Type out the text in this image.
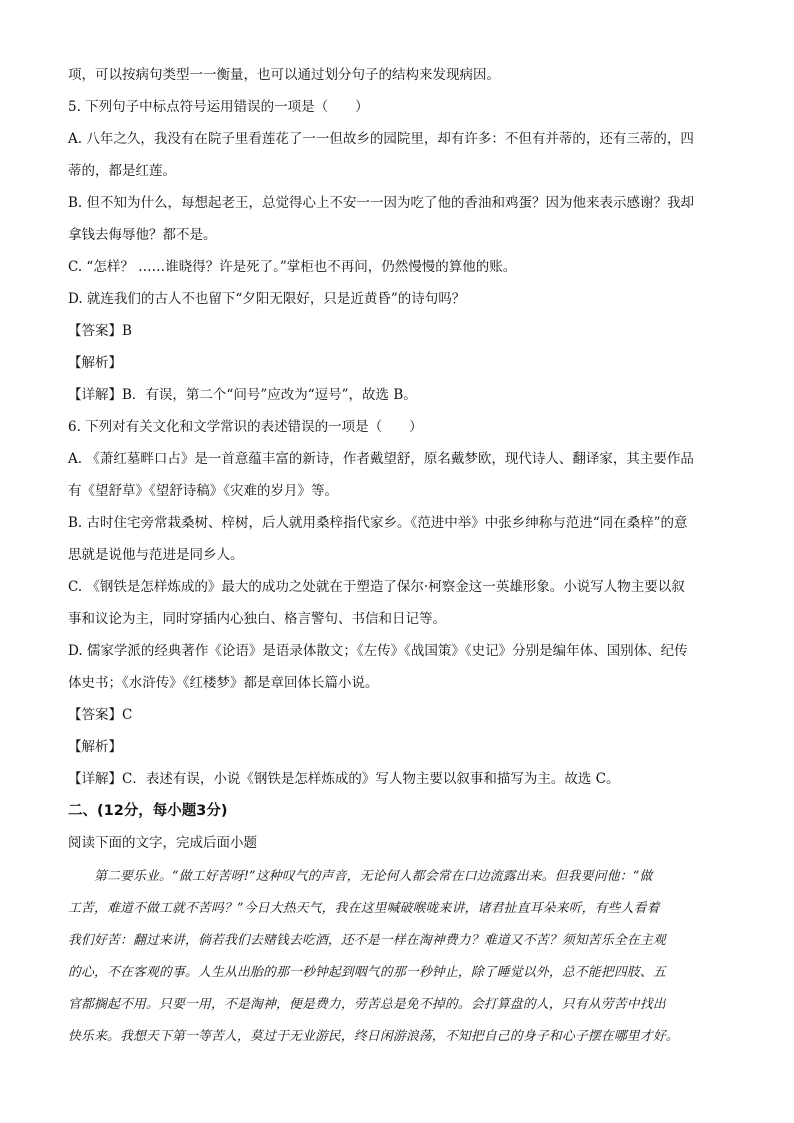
项，可以按病句类型一一衡量，也可以通过划分句子的结构来发现病因。

5. 下列句子中标点符号运用错误的一项是（　　）

A. 八年之久，我没有在院子里看莲花了一一但故乡的园院里，却有许多：不但有并蒂的，还有三蒂的，四

蒂的，都是红莲。

B. 但不知为什么，每想起老王，总觉得心上不安一一因为吃了他的香油和鸡蛋？因为他来表示感谢？我却

拿钱去侮辱他？都不是。

C. “怎样？ ……谁晓得？许是死了。”掌柜也不再问，仍然慢慢的算他的账。

D. 就连我们的古人不也留下“夕阳无限好，只是近黄昏”的诗句吗？

【答案】B

【解析】

【详解】B．有误，第二个“问号”应改为“逗号”，故选 B。

6. 下列对有关文化和文学常识的表述错误的一项是（　　）

A. 《萧红墓畔口占》是一首意蕴丰富的新诗，作者戴望舒，原名戴梦欧，现代诗人、翻译家，其主要作品

有《望舒草》《望舒诗稿》《灾难的岁月》等。

B. 古时住宅旁常栽桑树、梓树，后人就用桑梓指代家乡。《范进中举》中张乡绅称与范进“同在桑梓”的意

思就是说他与范进是同乡人。

C. 《钢铁是怎样炼成的》最大的成功之处就在于塑造了保尔·柯察金这一英雄形象。小说写人物主要以叙

事和议论为主，同时穿插内心独白、格言警句、书信和日记等。

D. 儒家学派的经典著作《论语》是语录体散文；《左传》《战国策》《史记》分别是编年体、国别体、纪传

体史书；《水浒传》《红楼梦》都是章回体长篇小说。

【答案】C

【解析】

【详解】C．表述有误，小说《钢铁是怎样炼成的》写人物主要以叙事和描写为主。故选 C。

二、(12分，每小题3分)

阅读下面的文字，完成后面小题

　　第二要乐业。“做工好苦呀!”这种叹气的声音，无论何人都会常在口边流露出来。但我要问他：“做

工苦，难道不做工就不苦吗？”今日大热天气，我在这里喊破喉咙来讲，诸君扯直耳朵来听，有些人看着

我们好苦：翻过来讲，倘若我们去赌钱去吃酒，还不是一样在淘神费力？难道又不苦？须知苦乐全在主观

的心，不在客观的事。人生从出胎的那一秒钟起到咽气的那一秒钟止，除了睡觉以外，总不能把四肢、五

官都搁起不用。只要一用，不是淘神，便是费力，劳苦总是免不掉的。会打算盘的人，只有从劳苦中找出

快乐来。我想天下第一等苦人，莫过于无业游民，终日闲游浪荡，不知把自己的身子和心子摆在哪里才好。
